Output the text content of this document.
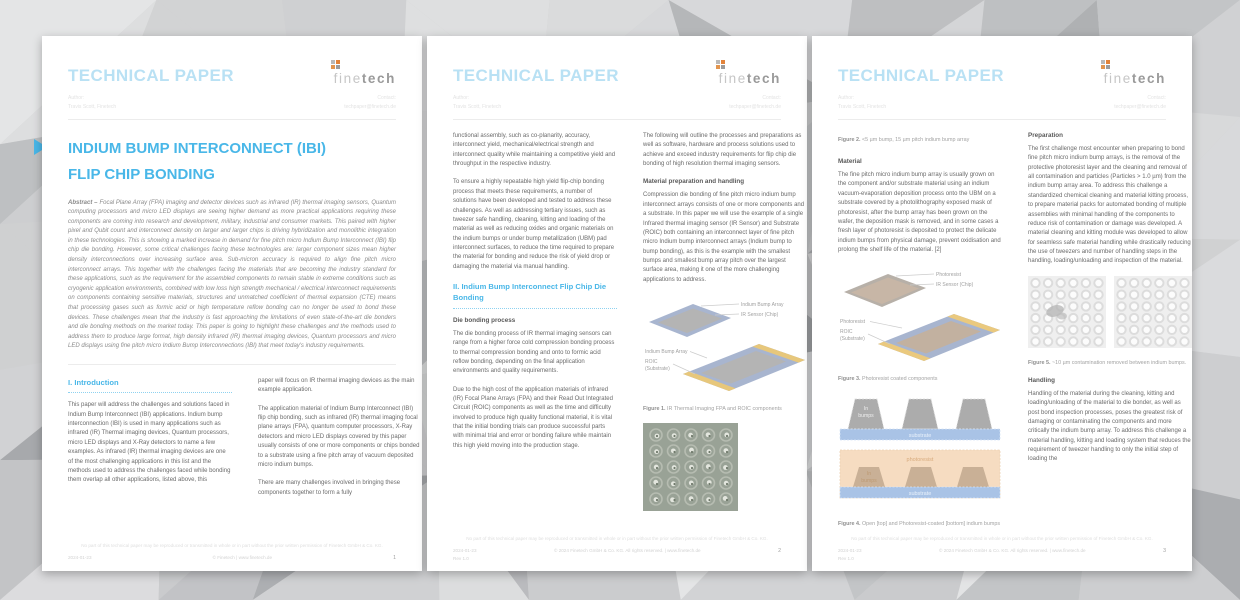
TECHNICAL PAPER	finetech
Author:
Travis Scott, Finetech
Contact:
techpaper@finetech.de
INDIUM BUMP INTERCONNECT (IBI)
FLIP CHIP BONDING

Abstract – Focal Plane Array (FPA) imaging and detector devices such as infrared (IR) thermal imaging sensors, Quantum computing processors and micro LED displays are seeing higher demand as more practical applications requiring these components are coming into research and development, military, industrial and consumer markets. This paired with higher pixel and Qubit count and interconnect density on larger and larger chips is driving hybridization and monolithic integration in these technologies. This is showing a marked increase in demand for fine pitch micro Indium Bump Interconnect (IBI) flip chip die bonding. However, some critical challenges facing these technologies are: larger component sizes mean higher density interconnections over increasing surface area. Sub-micron accuracy is required to align fine pitch micro interconnect arrays. This together with the challenges facing the materials that are becoming the industry standard for these applications, such as the requirement for the assembled components to remain stable in extreme conditions such as cryogenic application environments, combined with low loss high strength mechanical / electrical interconnect requirements on components containing sensitive materials, structures and unmatched coefficient of thermal expansion (CTE) means that processing gases such as formic acid or high temperature reflow bonding can no longer be used to bond these devices. These challenges mean that the industry is fast approaching the limitations of even state-of-the-art die bonders and die bonding methods on the market today. This paper is going to highlight these challenges and the methods used to address them to produce large format, high density infrared (IR) thermal imaging devices, Quantum processors and micro LED displays using fine pitch micro Indium Bump Interconnections (IBI) that meet today's industry requirements.

I. Introduction

This paper will address the challenges and solutions faced in Indium Bump Interconnect (IBI) applications. Indium bump interconnection (IBI) is used in many applications such as infrared (IR) Thermal imaging devices, Quantum processors, micro LED displays and X-Ray detectors to name a few examples. As infrared (IR) thermal imaging devices are one of the most challenging applications in this list and the methods used to address the challenges faced while bonding them overlap all other applications, listed above, this

paper will focus on IR thermal imaging devices as the main example application.

The application material of Indium Bump Interconnect (IBI) flip chip bonding, such as infrared (IR) thermal imaging focal plane arrays (FPA), quantum computer processors, X-Ray detectors and micro LED displays covered by this paper usually consists of one or more components or chips bonded to a substrate using a fine pitch array of vacuum deposited micro indium bumps.

There are many challenges involved in bringing these components together to form a fully

No part of this technical paper may be reproduced or transmitted in whole or in part without the prior written permission of Finetech GmbH & Co. KG.
2024-01-23	© Finetech | www.finetech.de	1
TECHNICAL PAPER	finetech
Author:
Travis Scott, Finetech
Contact:
techpaper@finetech.de

functional assembly, such as co-planarity, accuracy, interconnect yield, mechanical/electrical strength and interconnect quality while maintaining a competitive yield and throughput in the respective industry.

To ensure a highly repeatable high yield flip-chip bonding process that meets these requirements, a number of solutions have been developed and tested to address these challenges. As well as addressing tertiary issues, such as tweezer safe handling, cleaning, kitting and loading of the material as well as reducing oxides and organic materials on the indium bumps or under bump metallization (UBM) pad interconnect surfaces, to reduce the time required to prepare the material for bonding and reduce the risk of yield drop or damaging the material via manual handling.

II. Indium Bump Interconnect Flip Chip Die Bonding
Die bonding process

The die bonding process of IR thermal imaging sensors can range from a higher force cold compression bonding process to thermal compression bonding and onto to formic acid reflow bonding, depending on the final application environments and quality requirements.

Due to the high cost of the application materials of infrared (IR) Focal Plane Arrays (FPA) and their Read Out Integrated Circuit (ROIC) components as well as the time and difficulty involved to produce high quality functional material, it is vital that the initial bonding trials can produce successful parts with minimal trial and error or bonding failure while maintain this high yield moving into the production stage.

The following will outline the processes and preparations as well as software, hardware and process solutions used to achieve and exceed industry requirements for flip chip die bonding of high resolution thermal imaging sensors.

Material preparation and handling

Compression die bonding of fine pitch micro indium bump interconnect arrays consists of one or more components and a substrate. In this paper we will use the example of a single Infrared thermal imaging sensor (IR Sensor) and Substrate (ROIC) both containing an interconnect layer of fine pitch micro Indium bump interconnect arrays (Indium bump to bump bonding), as this is the example with the smallest bumps and smallest bump array pitch over the largest surface area, making it one of the more challenging applications to address.

Indium Bump Array
IR Sensor (Chip)
Indium Bump Array
ROIC
(Substrate)
Figure 1. IR Thermal Imaging FPA and ROIC components
No part of this technical paper may be reproduced or transmitted in whole or in part without the prior written permission of Finetech GmbH & Co. KG.
2024-01-23
Rev 1.0
© 2024 Finetech GmbH & Co. KG. All rights reserved. | www.finetech.de	2
TECHNICAL PAPER	finetech
Author:
Travis Scott, Finetech
Contact:
techpaper@finetech.de
Figure 2. <5 µm bump, 15 µm pitch indium bump array
Material

The fine pitch micro indium bump array is usually grown on the component and/or substrate material using an indium vacuum-evaporation deposition process onto the UBM on a substrate covered by a photolithography exposed mask of photoresist, after the bump array has been grown on the wafer, the deposition mask is removed, and in some cases a fresh layer of photoresist is deposited to protect the delicate indium bumps from physical damage, prevent oxidisation and prolong the shelf life of the material. [2]

Photoresist
IR Sensor (Chip)
Photoresist
ROIC
(Substrate)
Figure 3. Photoresist coated components
In
bumps
substrate
photoresist
In
bumps
substrate
Figure 4. Open [top] and Photoresist-coated [bottom] indium bumps
Preparation

The first challenge most encounter when preparing to bond fine pitch micro indium bump arrays, is the removal of the protective photoresist layer and the cleaning and removal of all contamination and particles (Particles > 1.0 µm) from the indium bump array area. To address this challenge a standardized chemical cleaning and material kitting process, to prepare material packs for automated bonding of multiple assemblies with minimal handling of the components to reduce risk of contamination or damage was developed. A material cleaning and kitting module was developed to allow for seamless safe material handling while drastically reducing the use of tweezers and number of handling steps in the handling, loading/unloading and inspection of the material.

Figure 5. ~10 µm contamination removed between indium bumps.
Handling

Handling of the material during the cleaning, kitting and loading/unloading of the material to die bonder, as well as post bond inspection processes, poses the greatest risk of damaging or contaminating the components and more critically the indium bump array. To address this challenge a material handling, kitting and loading system that reduces the requirement of tweezer handling to only the initial step of loading the

No part of this technical paper may be reproduced or transmitted in whole or in part without the prior written permission of Finetech GmbH & Co. KG.
2024-01-23
Rev 1.0
© 2024 Finetech GmbH & Co. KG. All rights reserved. | www.finetech.de	3
